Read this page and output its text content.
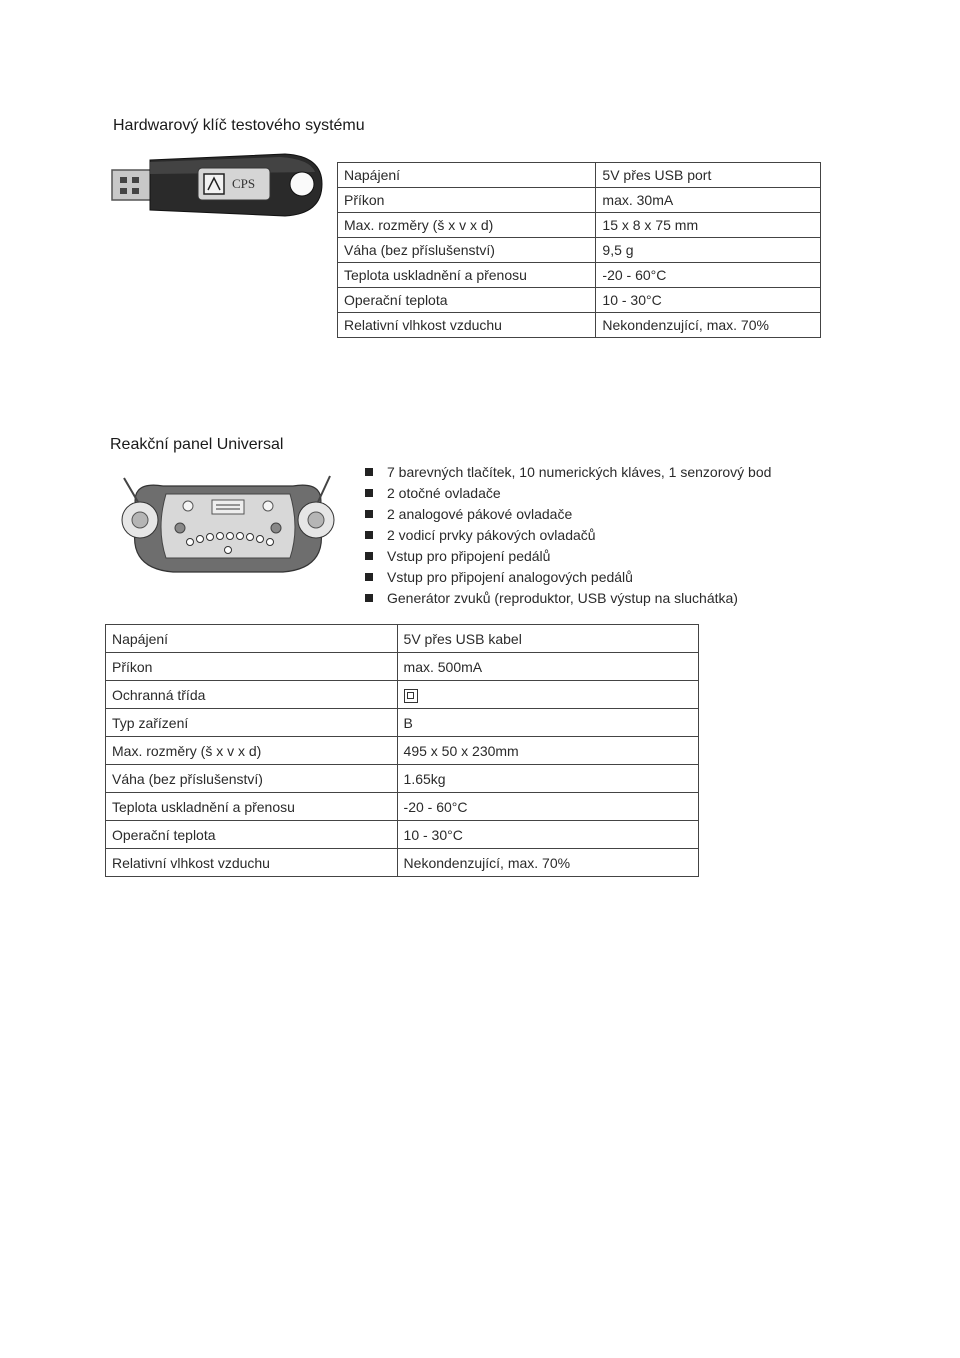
Hardwarový klíč testového systému
CPS
Napájení	5V přes USB port
Příkon	max. 30mA
Max. rozměry (š x v x d)	15 x 8 x 75 mm
Váha (bez příslušenství)	9,5 g
Teplota uskladnění a přenosu	-20 - 60°C
Operační teplota	10 - 30°C
Relativní vlhkost vzduchu	Nekondenzující, max. 70%
Reakční panel Universal
7 barevných tlačítek, 10 numerických kláves, 1 senzorový bod
2 otočné ovladače
2 analogové pákové ovladače
2 vodicí prvky pákových ovladačů
Vstup pro připojení pedálů
Vstup pro připojení analogových pedálů
Generátor zvuků (reproduktor, USB výstup na sluchátka)
Napájení	5V přes USB kabel
Příkon	max. 500mA
Ochranná třída	
Typ zařízení	B
Max. rozměry (š x v x d)	495 x 50 x 230mm
Váha (bez příslušenství)	1.65kg
Teplota uskladnění a přenosu	-20 - 60°C
Operační teplota	10 - 30°C
Relativní vlhkost vzduchu	Nekondenzující, max. 70%
